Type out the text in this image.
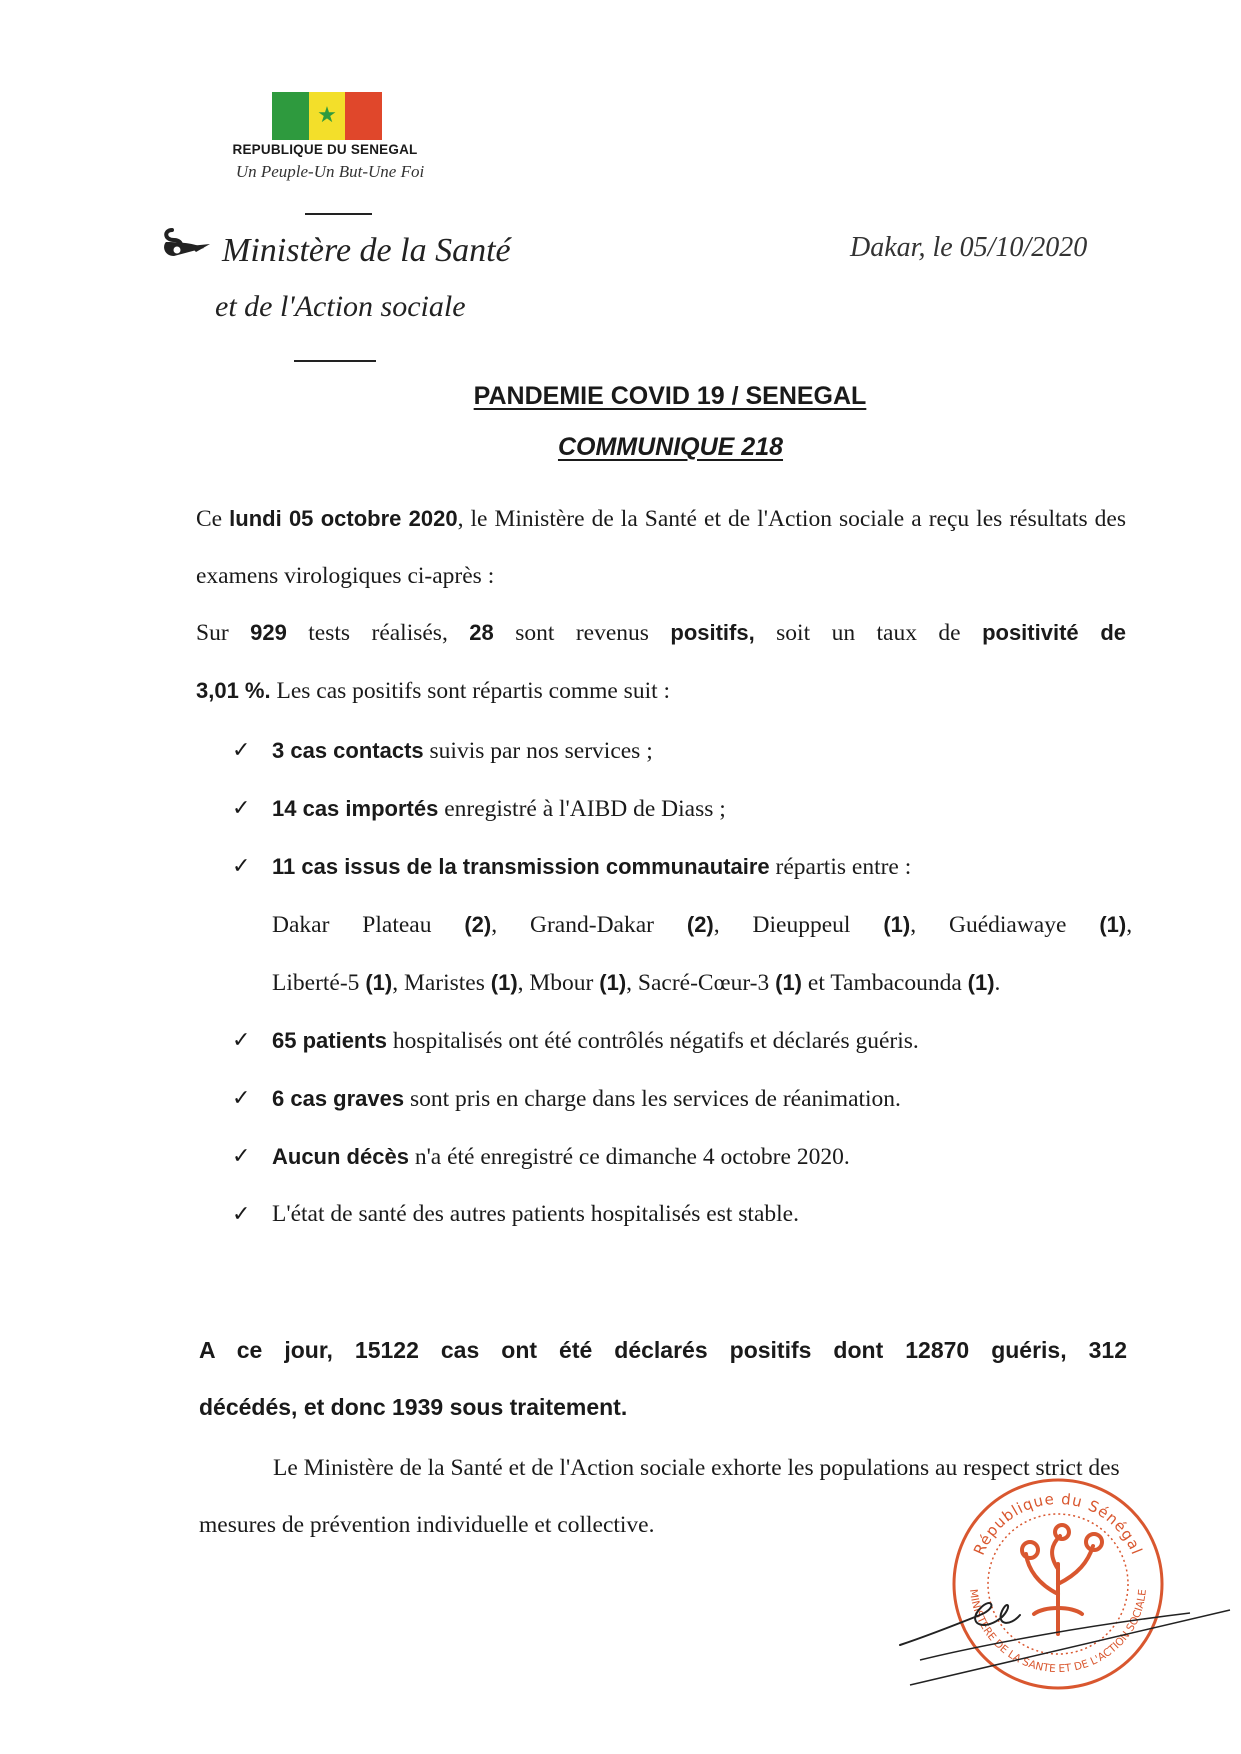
★
REPUBLIQUE DU SENEGAL
Un Peuple-Un But-Une Foi
Ministère de la Santé
et de l'Action sociale
Dakar, le 05/10/2020
PANDEMIE COVID 19 / SENEGAL
COMMUNIQUE 218
Ce lundi 05 octobre 2020, le Ministère de la Santé et de l'Action sociale a reçu les résultats des examens virologiques ci-après :
Sur 929 tests réalisés, 28 sont revenus positifs, soit un taux de positivité de
3,01 %. Les cas positifs sont répartis comme suit :
✓ 3 cas contacts suivis par nos services ;
✓ 14 cas importés enregistré à l'AIBD de Diass ;
✓ 11 cas issus de la transmission communautaire répartis entre :
Dakar Plateau (2), Grand-Dakar (2), Dieuppeul (1), Guédiawaye (1),
Liberté-5 (1), Maristes (1), Mbour (1), Sacré-Cœur-3 (1) et Tambacounda (1).
✓ 65 patients hospitalisés ont été contrôlés négatifs et déclarés guéris.
✓ 6 cas graves sont pris en charge dans les services de réanimation.
✓ Aucun décès n'a été enregistré ce dimanche 4 octobre 2020.
✓ L'état de santé des autres patients hospitalisés est stable.
A ce jour, 15122 cas ont été déclarés positifs dont 12870 guéris, 312
décédés, et donc 1939 sous traitement.
Le Ministère de la Santé et de l'Action sociale exhorte les populations au respect strict des mesures de prévention individuelle et collective.
République du Sénégal
MINISTERE DE LA SANTE ET DE L'ACTION SOCIALE
